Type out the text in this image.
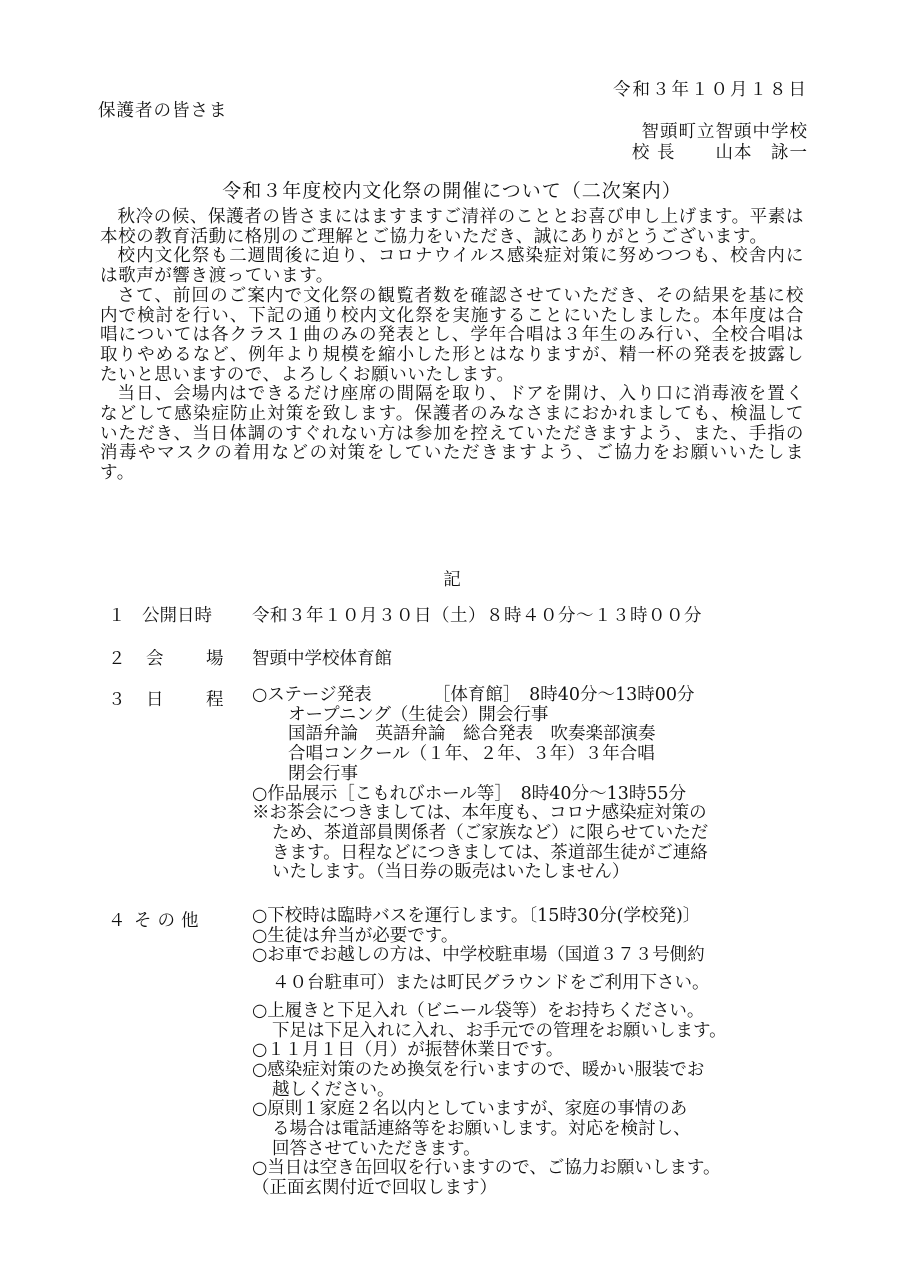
令和３年１０月１８日
保護者の皆さま
智頭町立智頭中学校
校 長 山本　詠一
令和３年度校内文化祭の開催について（二次案内）

秋冷の候、保護者の皆さまにはますますご清祥のこととお喜び申し上げます。平素は本校の教育活動に格別のご理解とご協力をいただき、誠にありがとうございます。

校内文化祭も二週間後に迫り、コロナウイルス感染症対策に努めつつも、校舎内には歌声が響き渡っています。

さて、前回のご案内で文化祭の観覧者数を確認させていただき、その結果を基に校内で検討を行い、下記の通り校内文化祭を実施することにいたしました。本年度は合唱については各クラス１曲のみの発表とし、学年合唱は３年生のみ行い、全校合唱は取りやめるなど、例年より規模を縮小した形とはなりますが、精一杯の発表を披露したいと思いますので、よろしくお願いいたします。

当日、会場内はできるだけ座席の間隔を取り、ドアを開け、入り口に消毒液を置くなどして感染症防止対策を致します。保護者のみなさまにおかれましても、検温していただき、当日体調のすぐれない方は参加を控えていただきますよう、また、手指の消毒やマスクの着用などの対策をしていただきますよう、ご協力をお願いいたします。

記
１ 公開日時 令和３年１０月３０日（土）８時４０分～１３時００分
２ 会 場 智頭中学校体育館
３ 日 程 ○ステージ発表　　　　［体育館］　8時40分～13時00分
オープニング（生徒会）開会行事
国語弁論　英語弁論　総合発表　吹奏楽部演奏
合唱コンクール（１年、２年、３年）３年合唱
閉会行事
○作品展示［こもれびホール等］　8時40分～13時55分
※お茶会につきましては、本年度も、コロナ感染症対策の
ため、茶道部員関係者（ご家族など）に限らせていただ
きます。日程などにつきましては、茶道部生徒がご連絡
いたします。（当日券の販売はいたしません）
４ その他	○下校時は臨時バスを運行します。〔15時30分(学校発)〕
○生徒は弁当が必要です。
○お車でお越しの方は、中学校駐車場（国道３７３号側約
４０台駐車可）または町民グラウンドをご利用下さい。
○上履きと下足入れ（ビニール袋等）をお持ちください。
下足は下足入れに入れ、お手元での管理をお願いします。
○１１月１日（月）が振替休業日です。
○感染症対策のため換気を行いますので、暖かい服装でお
越しください。
○原則１家庭２名以内としていますが、家庭の事情のあ
る場合は電話連絡等をお願いします。対応を検討し、
回答させていただきます。
○当日は空き缶回収を行いますので、ご協力お願いします。
（正面玄関付近で回収します）
